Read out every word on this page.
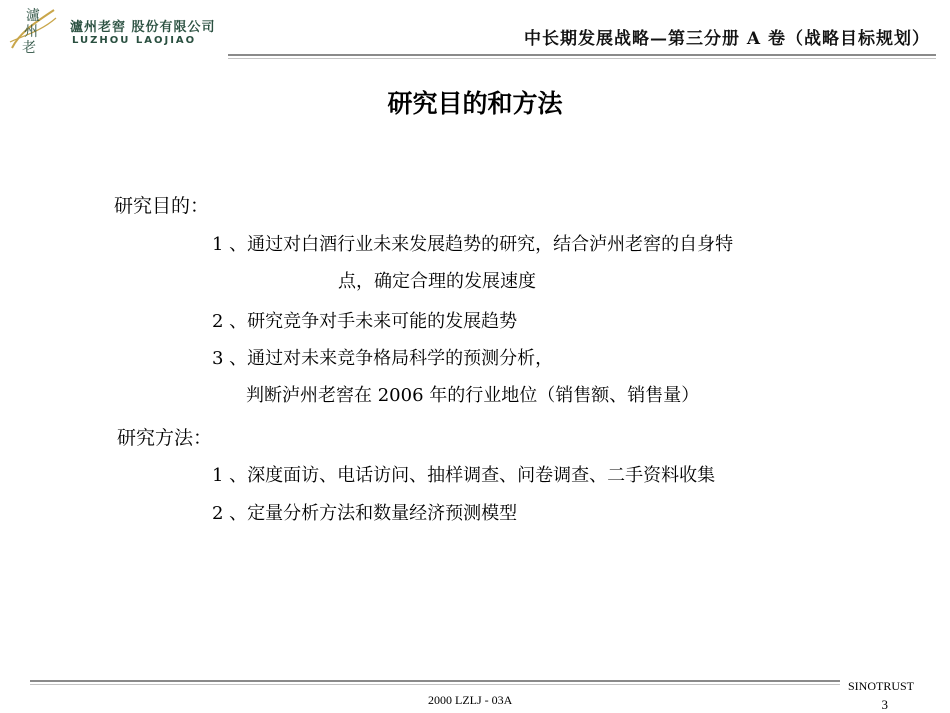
瀘
州
老
瀘州老窖 股份有限公司
LUZHOU LAOJIAO	中长期发展战略—第三分册 A 卷（战略目标规划）
研究目的和方法
研究目的：
1 、通过对白酒行业未来发展趋势的研究，结合泸州老窖的自身特
点，确定合理的发展速度
2 、研究竞争对手未来可能的发展趋势
3 、通过对未来竞争格局科学的预测分析，
判断泸州老窖在 2006 年的行业地位（销售额、销售量）
研究方法：
1 、深度面访、电话访问、抽样调查、问卷调查、二手资料收集
2 、定量分析方法和数量经济预测模型
2000 LZLJ - 03A
SINOTRUST
3
